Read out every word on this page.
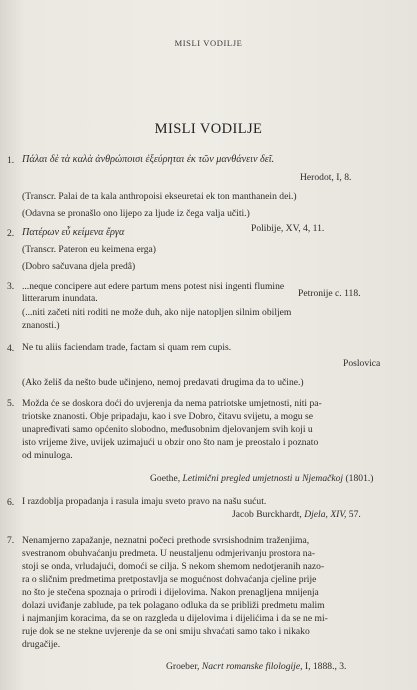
MISLI VODILJE
MISLI VODILJE
1. Πάλαι δὲ τὰ καλὰ ἀνθρώποισι ἐξεύρηται ἐκ τῶν μανθάνειν δεῖ.
Herodot, I, 8.
(Transcr. Palai de ta kala anthropoisi ekseuretai ek ton manthanein dei.)
(Odavna se pronašlo ono lijepo za ljude iz čega valja učiti.)
2. Πατέρων εὖ κείμενα ἔργα	Polibije, XV, 4, 11.
(Transcr. Pateron eu keimena erga)
(Dobro sačuvana djela predâ)
3. ...neque concipere aut edere partum mens potest nisi ingenti flumine
litterarum inundata.	Petronije c. 118.
(...niti začeti niti roditi ne može duh, ako nije natopljen silnim obiljem
znanosti.)
4. Ne tu aliis faciendam trade, factam si quam rem cupis.
Poslovica
(Ako želiš da nešto bude učinjeno, nemoj predavati drugima da to učine.)
5. Možda će se doskora doći do uvjerenja da nema patriotske umjetnosti, niti pa-
triotske znanosti. Obje pripadaju, kao i sve Dobro, čitavu svijetu, a mogu se
unapređivati samo općenito slobodno, međusobnim djelovanjem svih koji u
isto vrijeme žive, uvijek uzimajući u obzir ono što nam je preostalo i poznato
od minuloga.
Goethe, Letimični pregled umjetnosti u Njemačkoj (1801.)
6. I razdoblja propadanja i rasula imaju sveto pravo na našu sućut.
Jacob Burckhardt, Djela, XIV, 57.
7. Nenamjerno zapažanje, neznatni počeci prethode svrsishodnim traženjima,
svestranom obuhvaćanju predmeta. U neustaljenu odmjerivanju prostora na-
stoji se onda, vrludajući, domoći se cilja. S nekom shemom nedotjeranih nazo-
ra o sličnim predmetima pretpostavlja se mogućnost dohvaćanja cjeline prije
no što je stečena spoznaja o prirodi i dijelovima. Nakon prenagljena mnijenja
dolazi uviđanje zablude, pa tek polagano odluka da se približi predmetu malim
i najmanjim koracima, da se on razgleda u dijelovima i dijelićima i da se ne mi-
ruje dok se ne stekne uvjerenje da se oni smiju shvaćati samo tako i nikako
drugačije.
Groeber, Nacrt romanske filologije, I, 1888., 3.
